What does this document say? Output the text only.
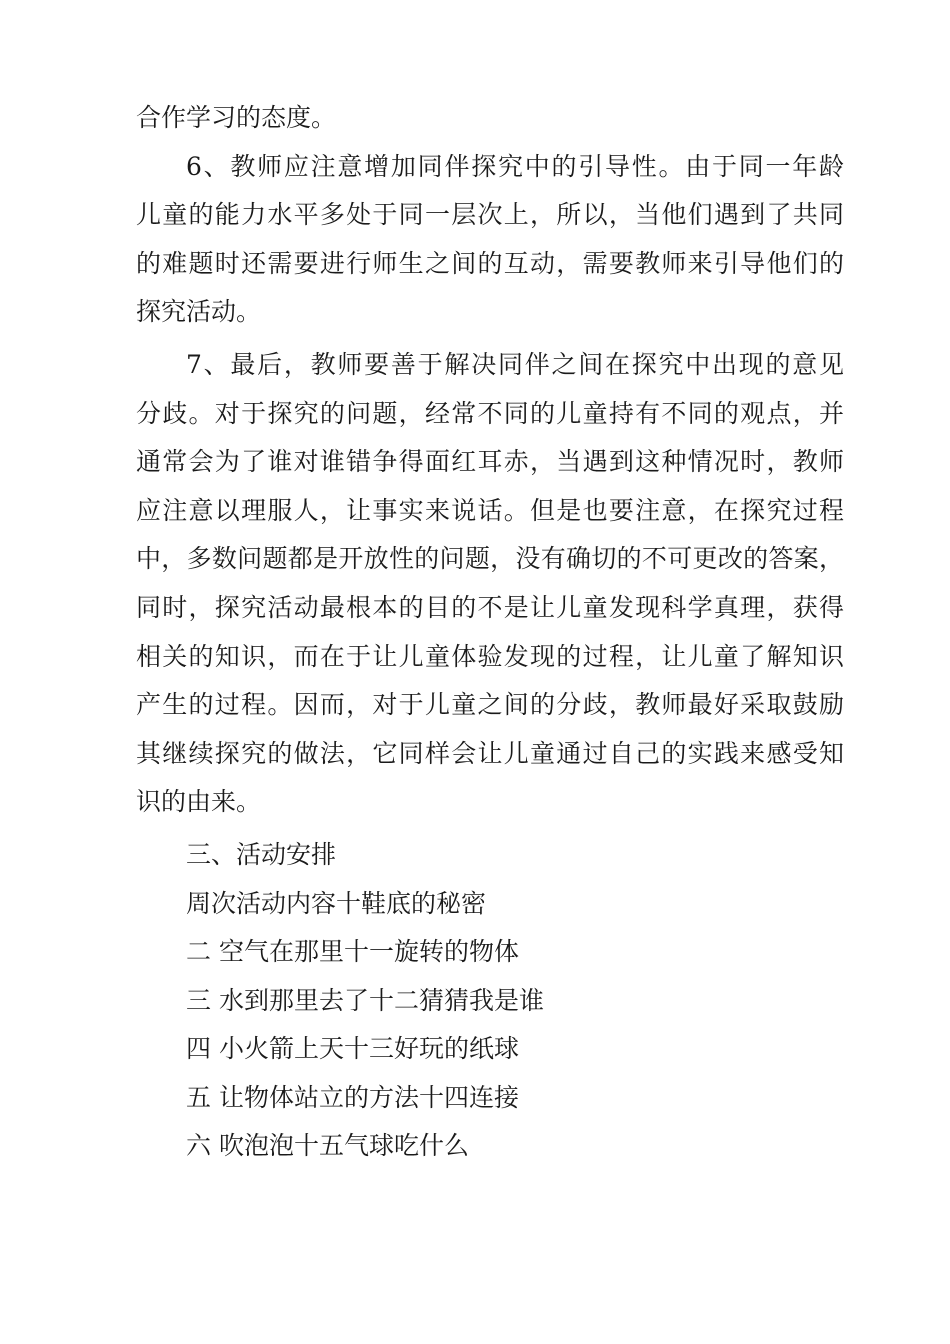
合作学习的态度。
6、教师应注意增加同伴探究中的引导性。由于同一年龄
儿童的能力水平多处于同一层次上，所以，当他们遇到了共同
的难题时还需要进行师生之间的互动，需要教师来引导他们的
探究活动。
7、最后，教师要善于解决同伴之间在探究中出现的意见
分歧。对于探究的问题，经常不同的儿童持有不同的观点，并
通常会为了谁对谁错争得面红耳赤，当遇到这种情况时，教师
应注意以理服人，让事实来说话。但是也要注意，在探究过程
中，多数问题都是开放性的问题，没有确切的不可更改的答案，
同时，探究活动最根本的目的不是让儿童发现科学真理，获得
相关的知识，而在于让儿童体验发现的过程，让儿童了解知识
产生的过程。因而，对于儿童之间的分歧，教师最好采取鼓励
其继续探究的做法，它同样会让儿童通过自己的实践来感受知
识的由来。
三、活动安排
周次活动内容十鞋底的秘密
二 空气在那里十一旋转的物体
三 水到那里去了十二猜猜我是谁
四 小火箭上天十三好玩的纸球
五 让物体站立的方法十四连接
六 吹泡泡十五气球吃什么
